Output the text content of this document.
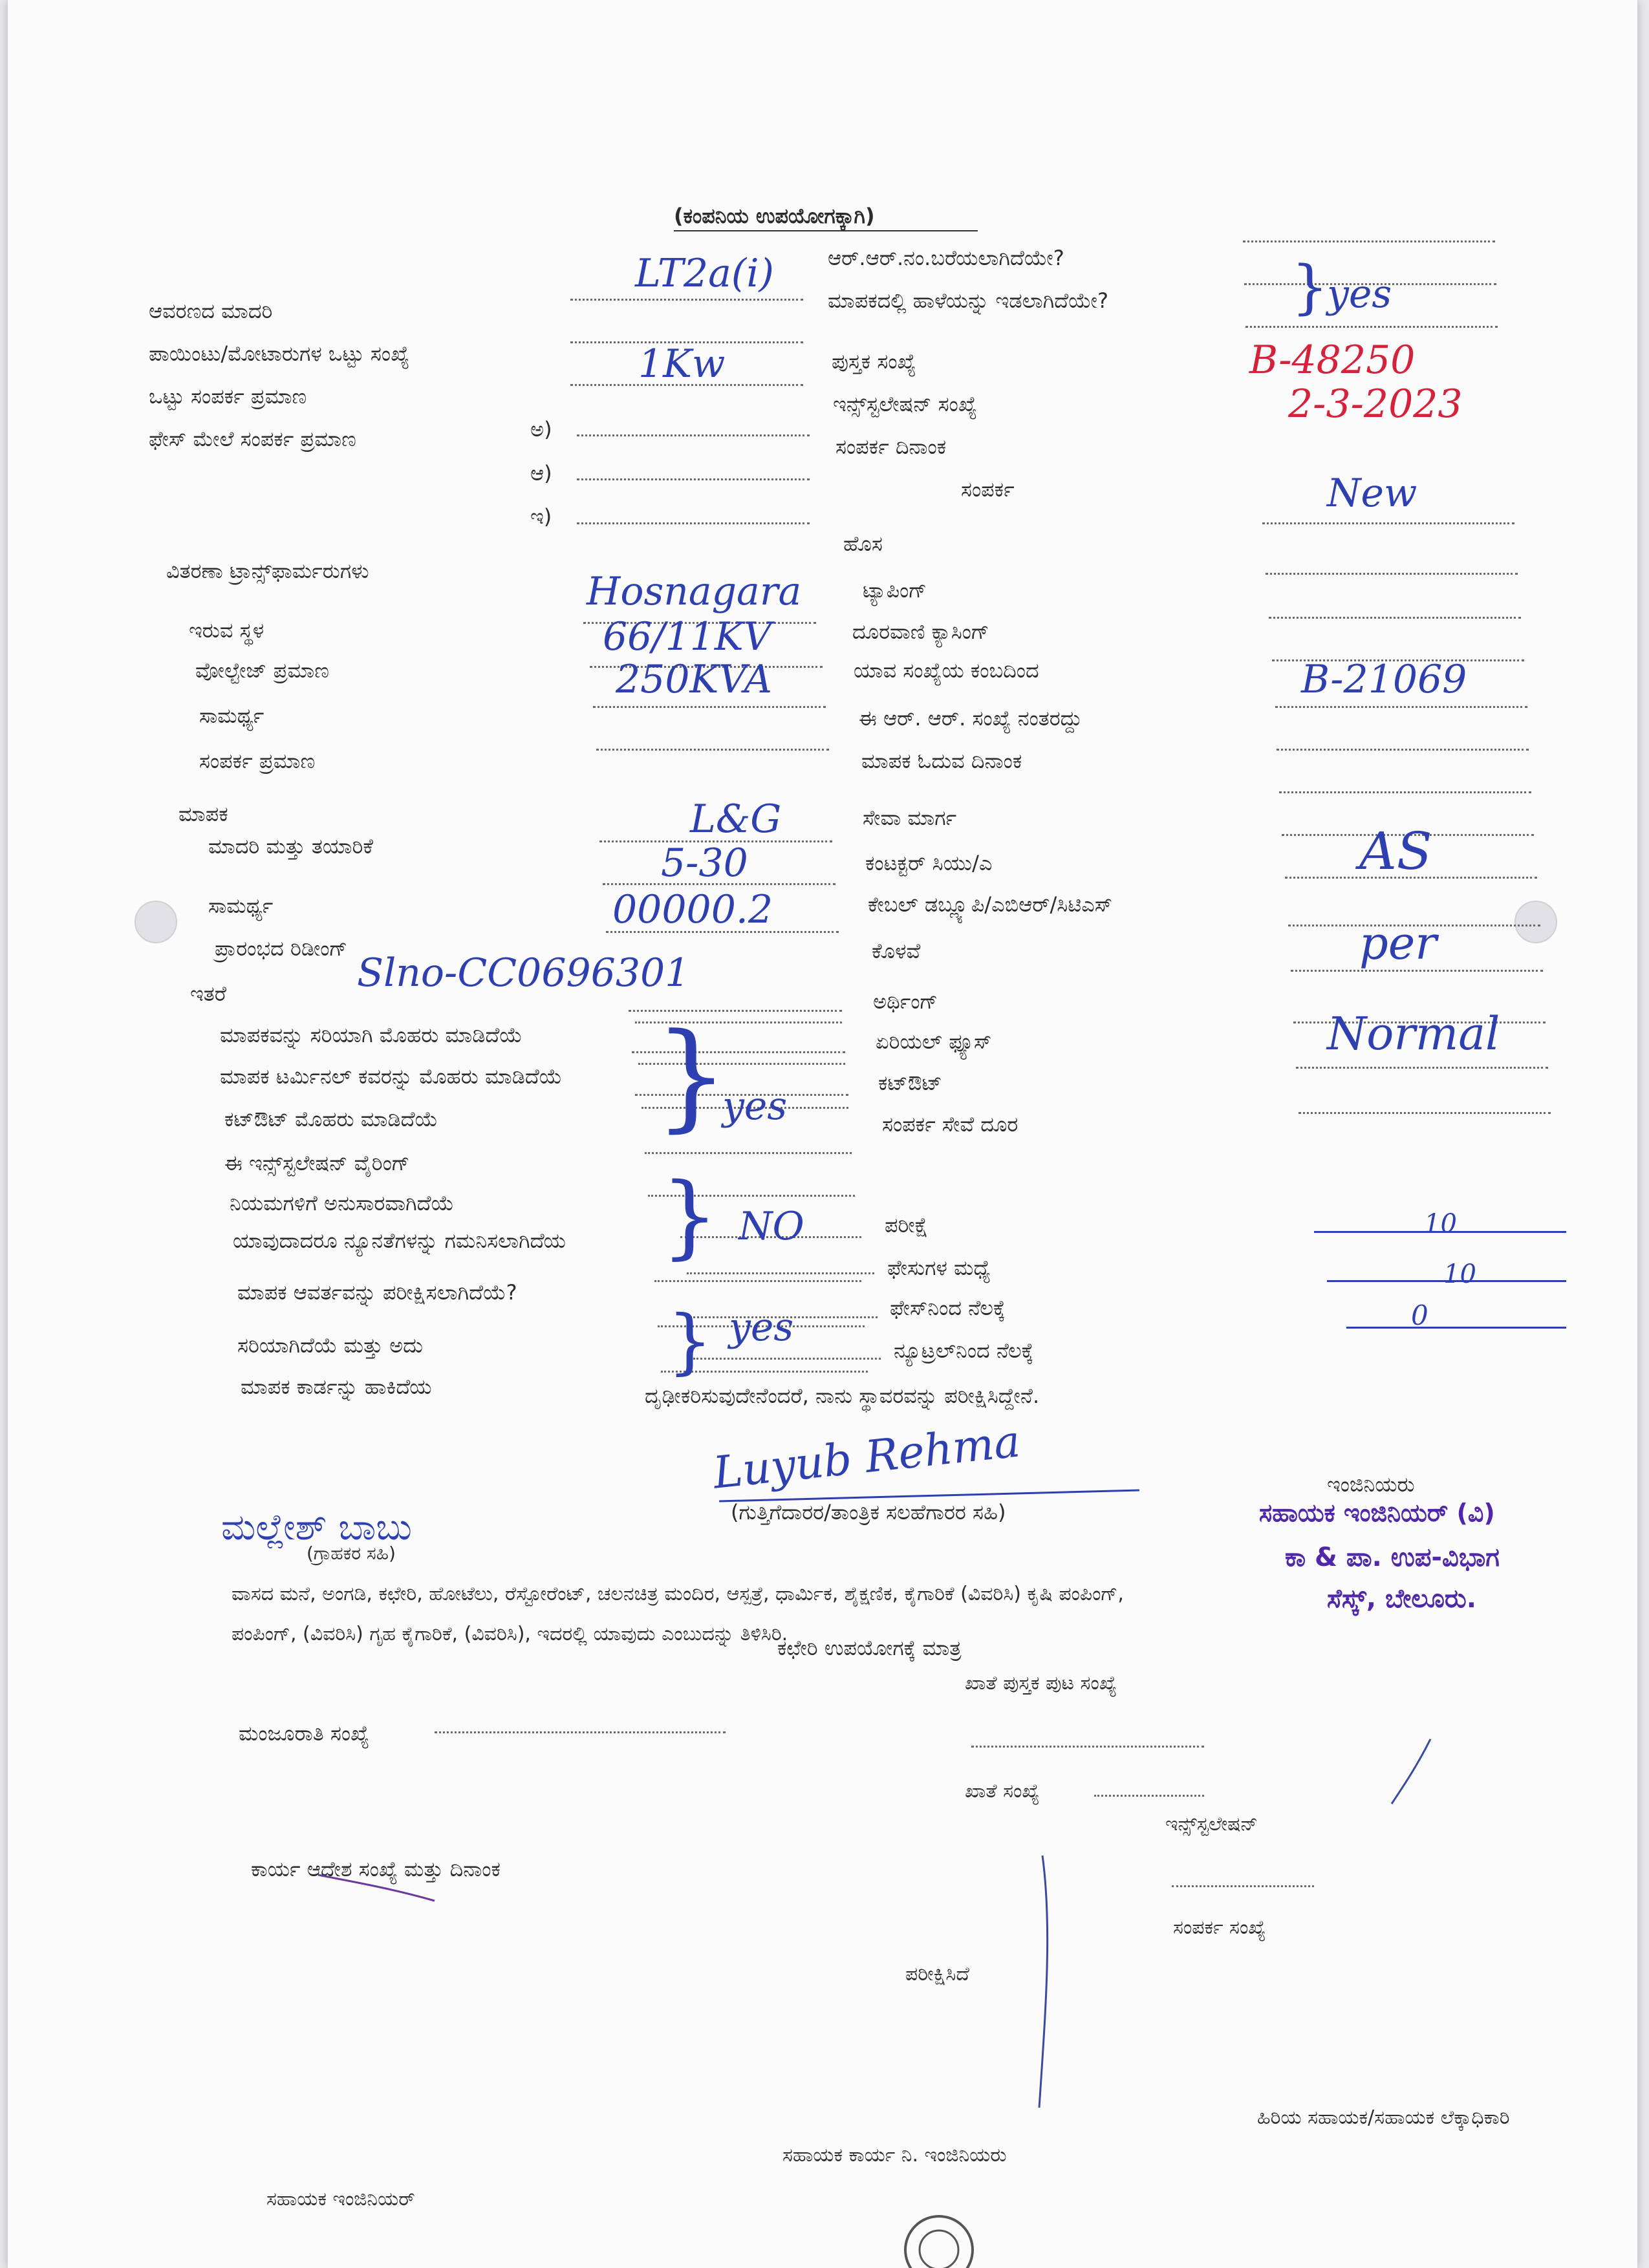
(ಕಂಪನಿಯ ಉಪಯೋಗಕ್ಕಾಗಿ)
ಆವರಣದ ಮಾದರಿ
ಪಾಯಿಂಟು/ಮೋಟಾರುಗಳ ಒಟ್ಟು ಸಂಖ್ಯೆ
ಒಟ್ಟು ಸಂಪರ್ಕ ಪ್ರಮಾಣ
ಫೇಸ್ ಮೇಲೆ ಸಂಪರ್ಕ ಪ್ರಮಾಣ	ಅ)
ಆ)
ಇ)
ವಿತರಣಾ ಟ್ರಾನ್ಸ್‌ಫಾರ್ಮರುಗಳು
ಇರುವ ಸ್ಥಳ
ವೋಲ್ಟೇಜ್ ಪ್ರಮಾಣ
ಸಾಮರ್ಥ್ಯ
ಸಂಪರ್ಕ ಪ್ರಮಾಣ
ಮಾಪಕ
ಮಾದರಿ ಮತ್ತು ತಯಾರಿಕೆ
ಸಾಮರ್ಥ್ಯ
ಪ್ರಾರಂಭದ ರಿಡೀಂಗ್
ಇತರೆ
ಮಾಪಕವನ್ನು ಸರಿಯಾಗಿ ಮೊಹರು ಮಾಡಿದೆಯೆ
ಮಾಪಕ ಟರ್ಮಿನಲ್ ಕವರನ್ನು ಮೊಹರು ಮಾಡಿದೆಯೆ
ಕಟ್‌ಔಟ್ ಮೊಹರು ಮಾಡಿದೆಯೆ
ಈ ಇನ್ಸ್‌ಸ್ಟಲೇಷನ್ ವೈರಿಂಗ್
ನಿಯಮಗಳಿಗೆ ಅನುಸಾರವಾಗಿದೆಯೆ
ಯಾವುದಾದರೂ ನ್ಯೂನತೆಗಳನ್ನು ಗಮನಿಸಲಾಗಿದೆಯ
ಮಾಪಕ ಆವರ್ತವನ್ನು ಪರೀಕ್ಷಿಸಲಾಗಿದೆಯೆ?
ಸರಿಯಾಗಿದೆಯೆ ಮತ್ತು ಅದು
ಮಾಪಕ ಕಾರ್ಡನ್ನು ಹಾಕಿದೆಯ
ಆರ್.ಆರ್.ನಂ.ಬರೆಯಲಾಗಿದೆಯೇ?
ಮಾಪಕದಲ್ಲಿ ಹಾಳೆಯನ್ನು ಇಡಲಾಗಿದೆಯೇ?
ಪುಸ್ತಕ ಸಂಖ್ಯೆ
ಇನ್ಸ್‌ಸ್ಟಲೇಷನ್ ಸಂಖ್ಯೆ
ಸಂಪರ್ಕ ದಿನಾಂಕ
ಸಂಪರ್ಕ
ಹೊಸ
ಟ್ಯಾಪಿಂಗ್
ದೂರವಾಣಿ ಕ್ಯಾಸಿಂಗ್
ಯಾವ ಸಂಖ್ಯೆಯ ಕಂಬದಿಂದ
ಈ ಆರ್. ಆರ್. ಸಂಖ್ಯೆ ನಂತರದ್ದು
ಮಾಪಕ ಓದುವ ದಿನಾಂಕ
ಸೇವಾ ಮಾರ್ಗ
ಕಂಟಕ್ಟರ್ ಸಿಯು/ಎ
ಕೇಬಲ್ ಡಬ್ಲ್ಯೂಪಿ/ಎಬಿಆರ್/ಸಿಟಿಎಸ್
ಕೊಳವೆ
ಅರ್ಥಿಂಗ್
ಏರಿಯಲ್ ಫ್ಯೂಸ್
ಕಟ್‌ಔಟ್
ಸಂಪರ್ಕ ಸೇವೆ ದೂರ
ಪರೀಕ್ಷೆ
ಫೇಸುಗಳ ಮಧ್ಯೆ
ಫೇಸ್‌ನಿಂದ ನೆಲಕ್ಕೆ
ನ್ಯೂಟ್ರಲ್‌ನಿಂದ ನೆಲಕ್ಕೆ
LT2a(i)
1Kw
yes
}
B-48250
2-3-2023
New
Hosnagara
66/11KV
250KVA	B-21069
L&G
5-30
00000.2
Slno-CC0696301
AS
per
Normal
}
yes
} NO
} yes
10
10
0
ದೃಢೀಕರಿಸುವುದೇನೆಂದರೆ, ನಾನು ಸ್ಥಾವರವನ್ನು ಪರೀಕ್ಷಿಸಿದ್ದೇನೆ.
Luyub Rehma
(ಗುತ್ತಿಗೆದಾರರ/ತಾಂತ್ರಿಕ ಸಲಹೆಗಾರರ ಸಹಿ)
ಮಲ್ಲೇಶ್ ಬಾಬು
(ಗ್ರಾಹಕರ ಸಹಿ)
ಇಂಜಿನಿಯರು
ಸಹಾಯಕ ಇಂಜಿನಿಯರ್ (ವಿ)
ಕಾ & ಪಾ. ಉಪ-ವಿಭಾಗ
ಸೆಸ್ಕ್, ಬೇಲೂರು.
ವಾಸದ ಮನೆ, ಅಂಗಡಿ, ಕಛೇರಿ, ಹೋಟೆಲು, ರೆಸ್ಟೋರೆಂಟ್, ಚಲನಚಿತ್ರ ಮಂದಿರ, ಆಸ್ಪತ್ರೆ, ಧಾರ್ಮಿಕ, ಶೈಕ್ಷಣಿಕ, ಕೈಗಾರಿಕೆ (ವಿವರಿಸಿ) ಕೃಷಿ ಪಂಪಿಂಗ್,
ಪಂಪಿಂಗ್, (ವಿವರಿಸಿ) ಗೃಹ ಕೈಗಾರಿಕೆ, (ವಿವರಿಸಿ), ಇದರಲ್ಲಿ ಯಾವುದು ಎಂಬುದನ್ನು ತಿಳಿಸಿರಿ.
ಕಛೇರಿ ಉಪಯೋಗಕ್ಕೆ ಮಾತ್ರ
ಖಾತೆ ಪುಸ್ತಕ ಪುಟ ಸಂಖ್ಯೆ
ಮಂಜೂರಾತಿ ಸಂಖ್ಯೆ
ಖಾತೆ ಸಂಖ್ಯೆ
ಇನ್ಸ್‌ಸ್ಟಲೇಷನ್
ಕಾರ್ಯ ಆದೇಶ ಸಂಖ್ಯೆ ಮತ್ತು ದಿನಾಂಕ
ಸಂಪರ್ಕ ಸಂಖ್ಯೆ
ಪರೀಕ್ಷಿಸಿದೆ
ಹಿರಿಯ ಸಹಾಯಕ/ಸಹಾಯಕ ಲೆಕ್ಕಾಧಿಕಾರಿ
ಸಹಾಯಕ ಕಾರ್ಯ ನಿ. ಇಂಜಿನಿಯರು
ಸಹಾಯಕ ಇಂಜಿನಿಯರ್
